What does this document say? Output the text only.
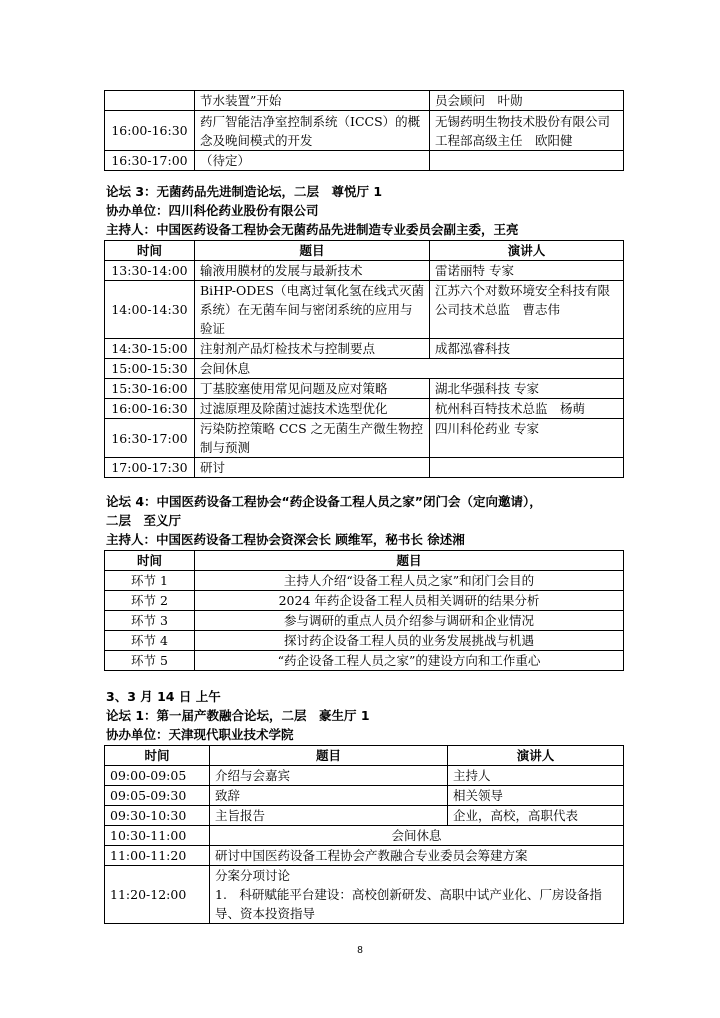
	节水装置”开始	员会顾问　叶勋
16:00-16:30	药厂智能洁净室控制系统（ICCS）的概念及晚间模式的开发	无锡药明生物技术股份有限公司工程部高级主任　欧阳健
16:30-17:00	（待定）	
论坛 3：无菌药品先进制造论坛，二层　尊悦厅 1
协办单位：四川科伦药业股份有限公司
主持人：中国医药设备工程协会无菌药品先进制造专业委员会副主委，王亮
时间	题目	演讲人
13:30-14:00	输液用膜材的发展与最新技术	雷诺丽特 专家
14:00-14:30	BiHP-ODES（电离过氧化氢在线式灭菌系统）在无菌车间与密闭系统的应用与验证	江苏六个对数环境安全科技有限公司技术总监　曹志伟
14:30-15:00	注射剂产品灯检技术与控制要点	成都泓睿科技
15:00-15:30	会间休息	
15:30-16:00	丁基胶塞使用常见问题及应对策略	湖北华强科技 专家
16:00-16:30	过滤原理及除菌过滤技术选型优化	杭州科百特技术总监　杨萌
16:30-17:00	污染防控策略 CCS 之无菌生产微生物控制与预测	四川科伦药业 专家
17:00-17:30	研讨	
论坛 4：中国医药设备工程协会“药企设备工程人员之家”闭门会（定向邀请），
二层　至义厅
主持人：中国医药设备工程协会资深会长 顾维军，秘书长 徐述湘
时间	题目
环节 1	主持人介绍“设备工程人员之家”和闭门会目的
环节 2	2024 年药企设备工程人员相关调研的结果分析
环节 3	参与调研的重点人员介绍参与调研和企业情况
环节 4	探讨药企设备工程人员的业务发展挑战与机遇
环节 5	“药企设备工程人员之家”的建设方向和工作重心
3、3 月 14 日 上午
论坛 1：第一届产教融合论坛，二层　豪生厅 1
协办单位：天津现代职业技术学院
时间	题目	演讲人
09:00-09:05	介绍与会嘉宾	主持人
09:05-09:30	致辞	相关领导
09:30-10:30	主旨报告	企业，高校，高职代表
10:30-11:00	会间休息	
11:00-11:20	研讨中国医药设备工程协会产教融合专业委员会筹建方案	
11:20-12:00	分案分项讨论
1.　科研赋能平台建设：高校创新研发、高职中试产业化、厂房设备指导、资本投资指导	
8
